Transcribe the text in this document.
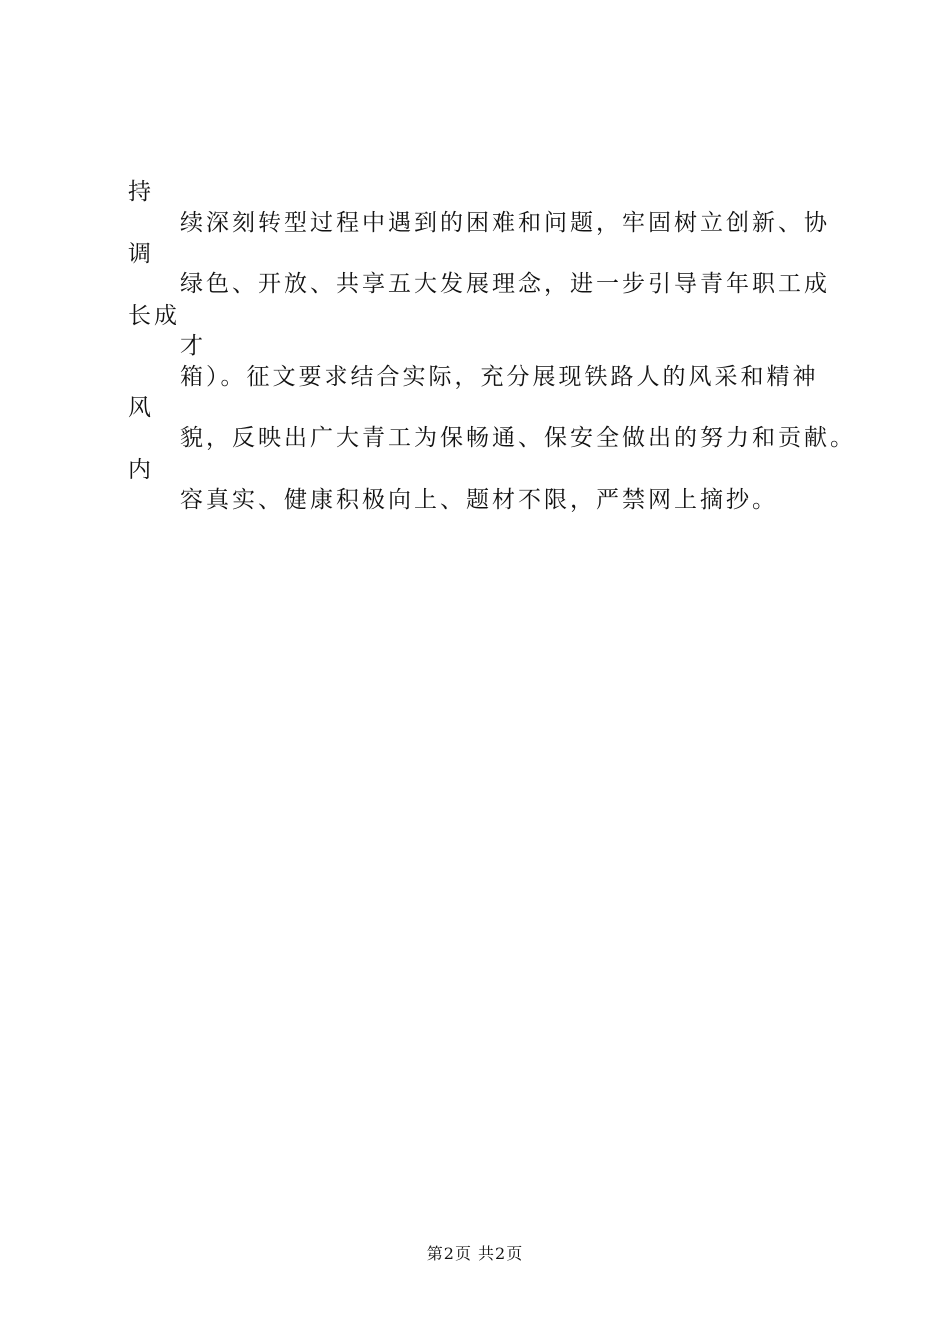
持
续深刻转型过程中遇到的困难和问题，牢固树立创新、协
调
绿色、开放、共享五大发展理念，进一步引导青年职工成
长成
才
箱）。征文要求结合实际，充分展现铁路人的风采和精神
风
貌，反映出广大青工为保畅通、保安全做出的努力和贡献。
内
容真实、健康积极向上、题材不限，严禁网上摘抄。
第2页 共2页
